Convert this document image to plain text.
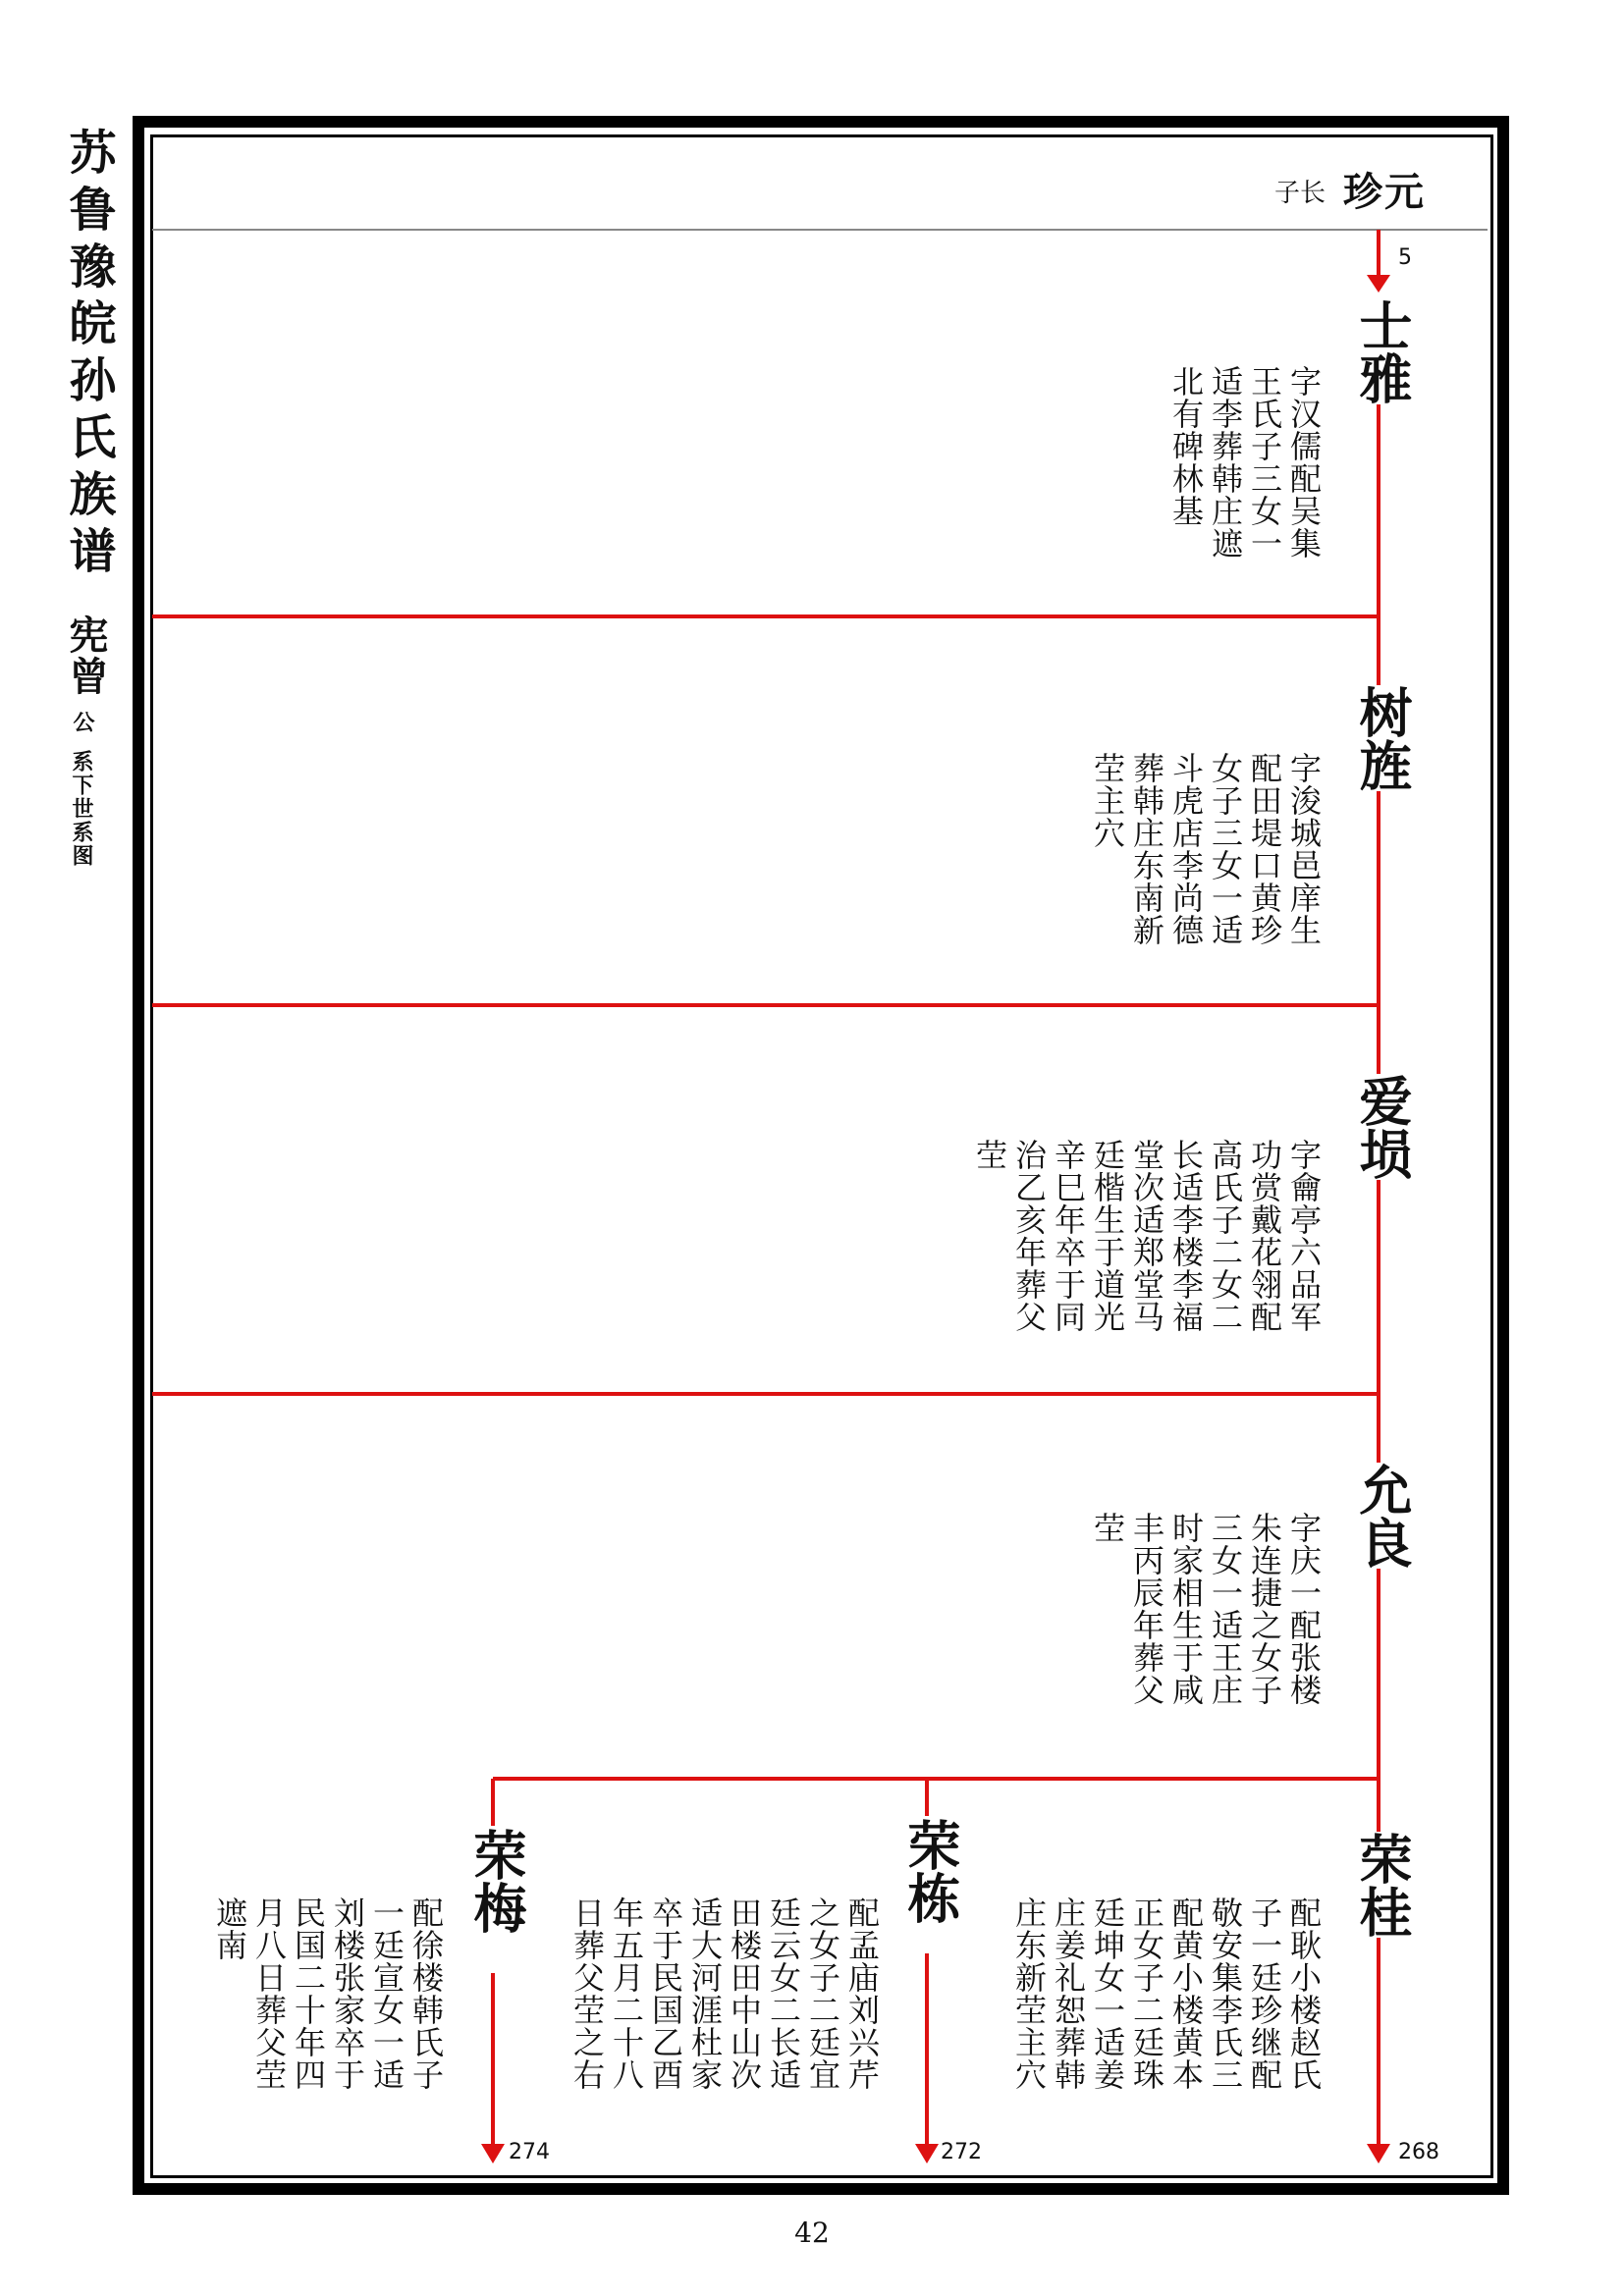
苏鲁豫皖孙氏族谱
宪曾
公
系下世系图
子长 珍元
5
士雅
字汉儒配吴集
王氏子三女一
适李葬韩庄遮
北有碑林基
树旌
字浚城邑庠生
配田堤口黄珍
女子三女一适
斗虎店李尚德
葬韩庄东南新
茔主穴
爱埙
字龠亭六品军
功赏戴花翎配
高氏子二女二
长适李楼李福
堂次适郑堂马
廷楷生于道光
辛巳年卒于同
治乙亥年葬父
茔
允良
字庆一配张楼
朱连捷之女子
三女一适王庄
时家相生于咸
丰丙辰年葬父
茔
荣桂
配耿小楼赵氏
子一廷珍继配
敬安集李氏三
配黄小楼黄本
正女子二廷珠
廷坤女一适姜
庄姜礼恕葬韩
庄东新茔主穴
268
荣栋
配孟庙刘兴芹
之女子二廷宜
廷云女二长适
田楼田中山次
适大河涯杜家
卒于民国乙酉
年五月二十八
日葬父茔之右
272
荣梅
配徐楼韩氏子
一廷宣女一适
刘楼张家卒于
民国二十年四
月八日葬父茔
遮南
274
42
